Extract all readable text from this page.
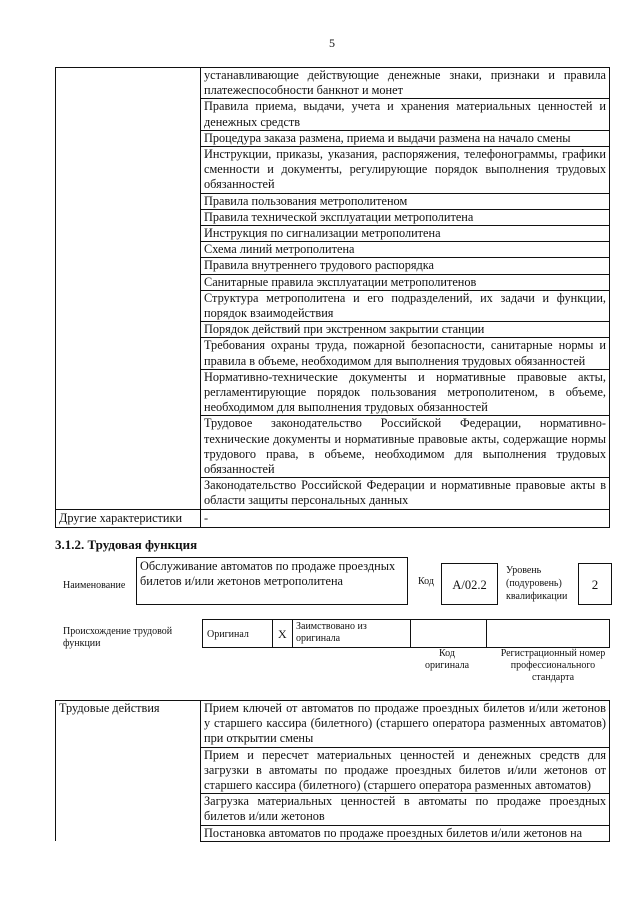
5
	устанавливающие действующие денежные знаки, признаки и правила платежеспособности банкнот и монет
	Правила приема, выдачи, учета и хранения материальных ценностей и денежных средств
	Процедура заказа размена, приема и выдачи размена на начало смены
	Инструкции, приказы, указания, распоряжения, телефонограммы, графики сменности и документы, регулирующие порядок выполнения трудовых обязанностей
	Правила пользования метрополитеном
	Правила технической эксплуатации метрополитена
	Инструкция по сигнализации метрополитена
	Схема линий метрополитена
	Правила внутреннего трудового распорядка
	Санитарные правила эксплуатации метрополитенов
	Структура метрополитена и его подразделений, их задачи и функции, порядок взаимодействия
	Порядок действий при экстренном закрытии станции
	Требования охраны труда, пожарной безопасности, санитарные нормы и правила в объеме, необходимом для выполнения трудовых обязанностей
	Нормативно-технические документы и нормативные правовые акты, регламентирующие порядок пользования метрополитеном, в объеме, необходимом для выполнения трудовых обязанностей
	Трудовое законодательство Российской Федерации, нормативно-технические документы и нормативные правовые акты, содержащие нормы трудового права, в объеме, необходимом для выполнения трудовых обязанностей
	Законодательство Российской Федерации и нормативные правовые акты в области защиты персональных данных
Другие характеристики	-
3.1.2. Трудовая функция
Наименование
Обслуживание автоматов по продаже проездных билетов и/или жетонов метрополитена	Код	А/02.2
Уровень (подуровень) квалификации
2
Происхождение трудовой функции
Оригинал X
Заимствовано из оригинала
Код оригинала
Регистрационный номер профессионального стандарта
Трудовые действия	Прием ключей от автоматов по продаже проездных билетов и/или жетонов у старшего кассира (билетного) (старшего оператора разменных автоматов) при открытии смены
Прием и пересчет материальных ценностей и денежных средств для загрузки в автоматы по продаже проездных билетов и/или жетонов от старшего кассира (билетного) (старшего оператора разменных автоматов)
Загрузка материальных ценностей в автоматы по продаже проездных билетов и/или жетонов
Постановка автоматов по продаже проездных билетов и/или жетонов на
